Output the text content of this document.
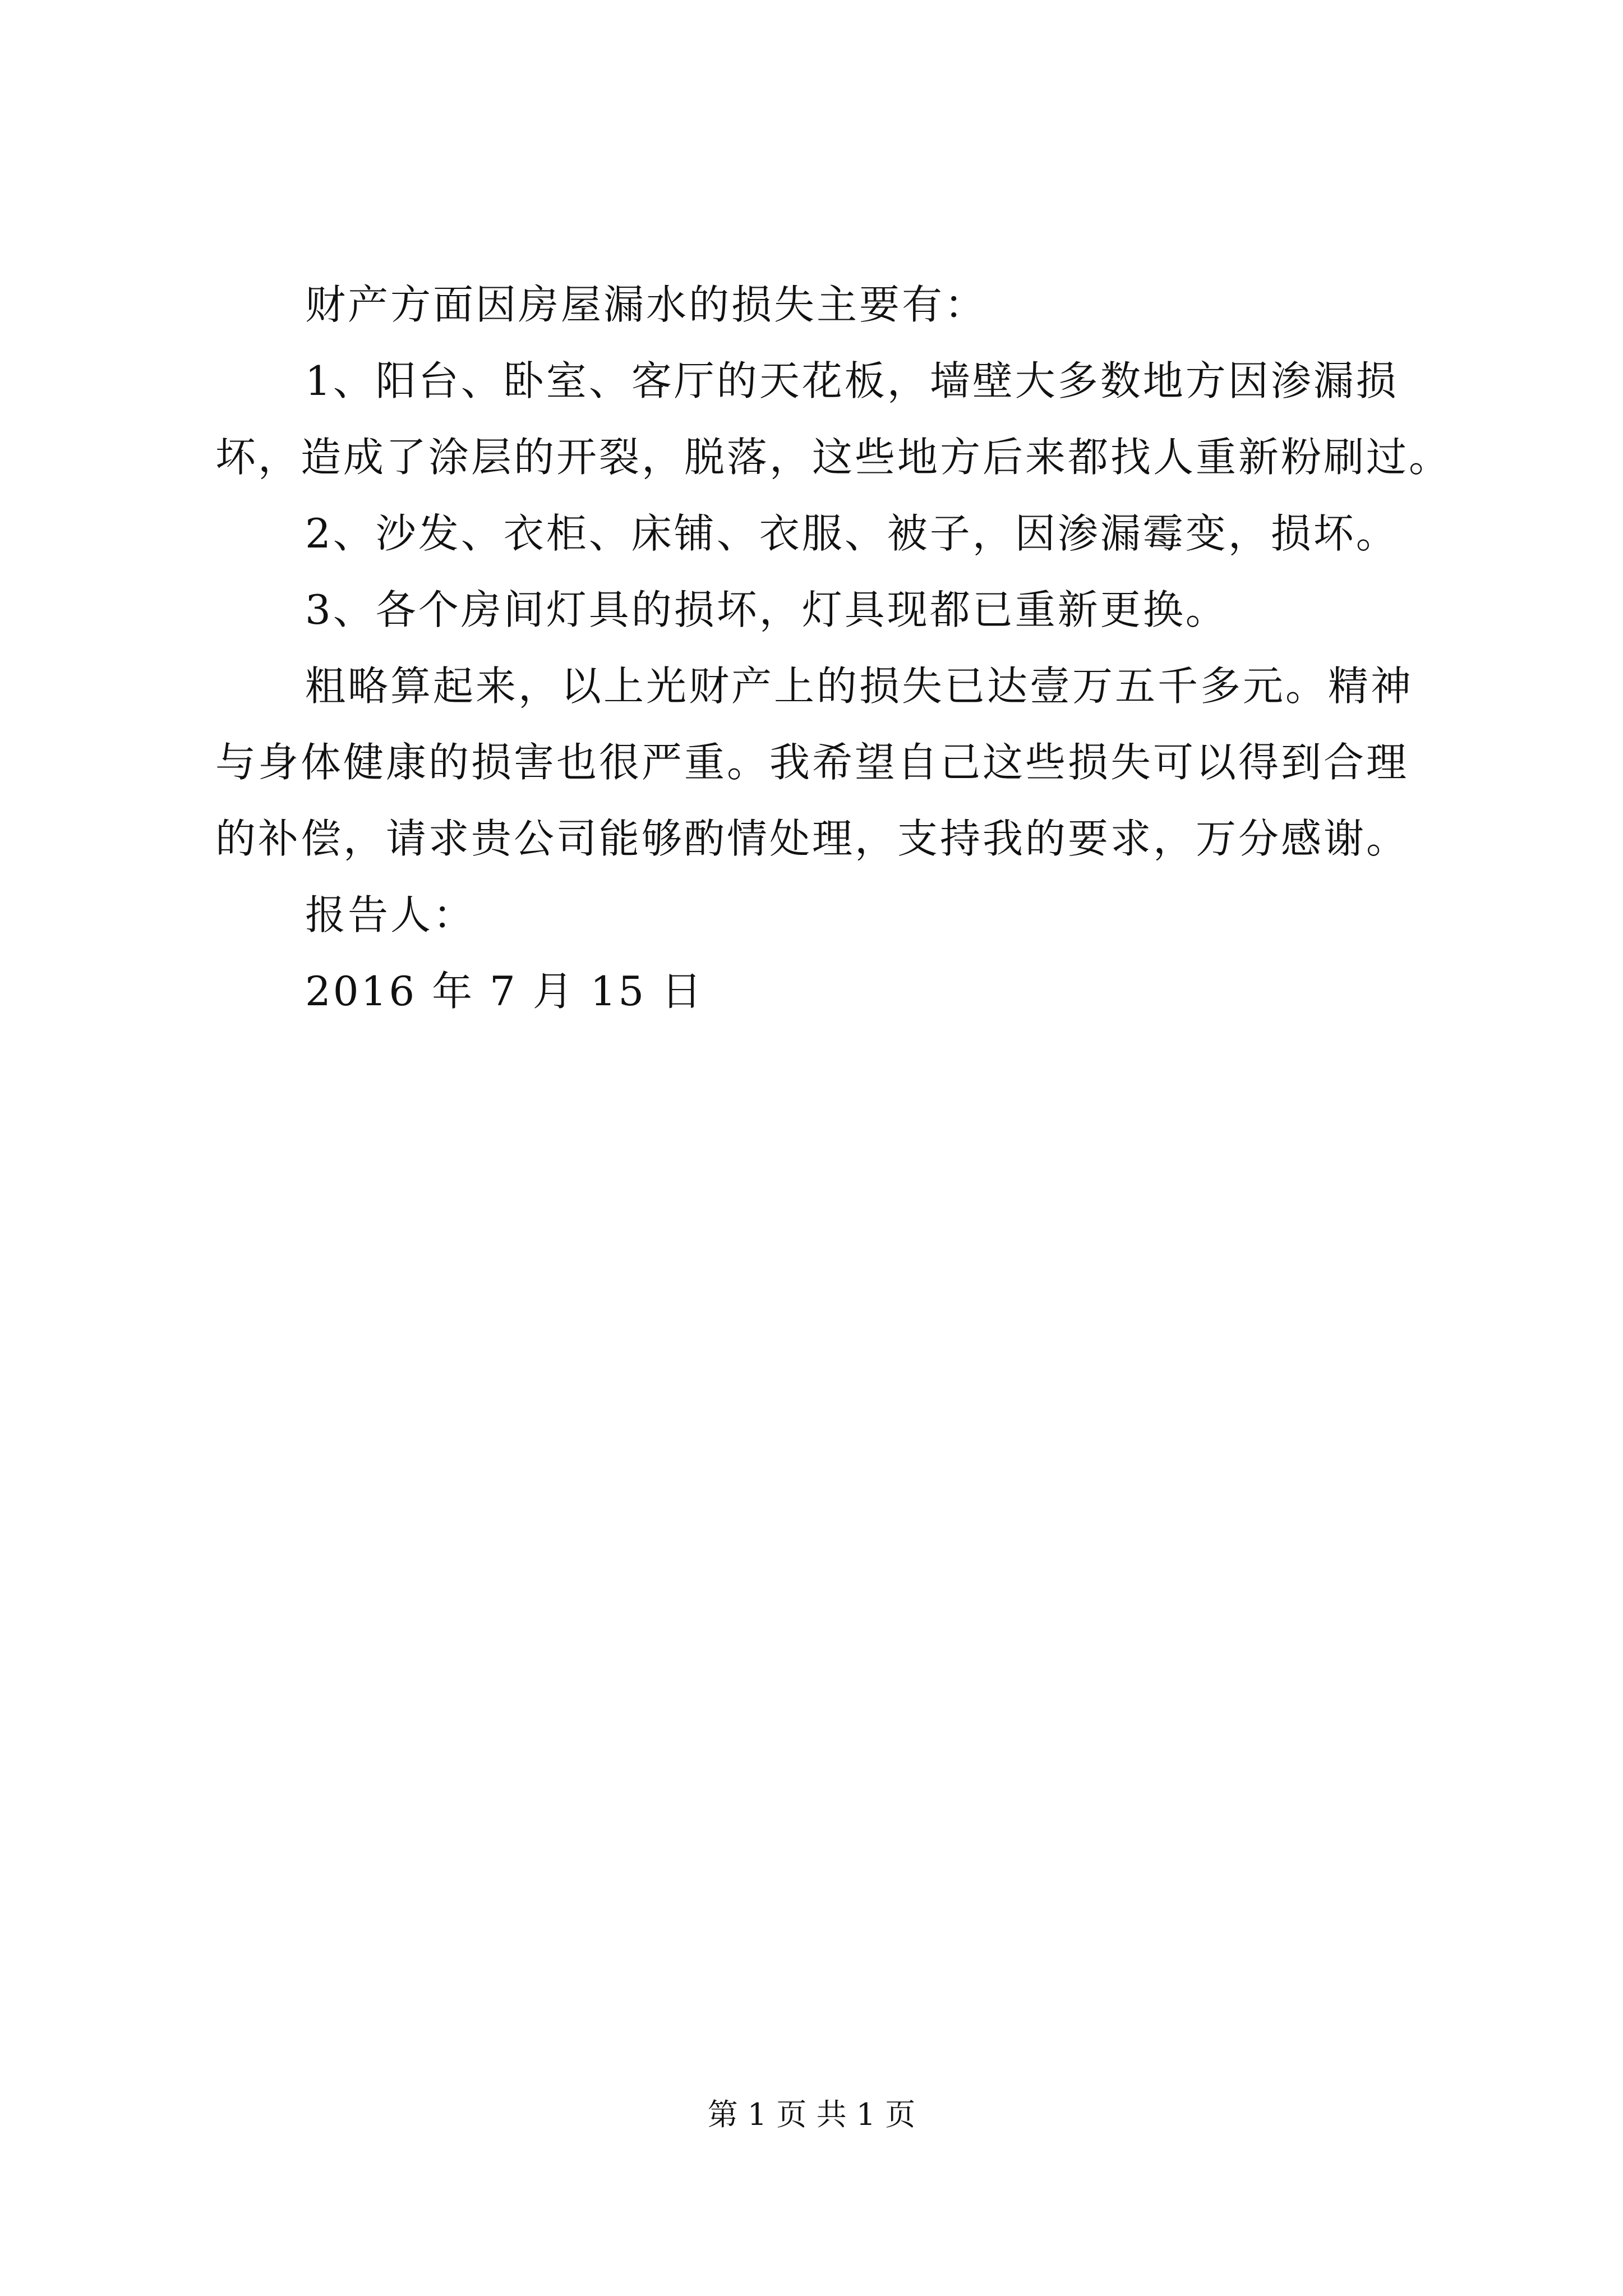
财产方面因房屋漏水的损失主要有：
1、阳台、卧室、客厅的天花板，墙壁大多数地方因渗漏损
坏，造成了涂层的开裂，脱落，这些地方后来都找人重新粉刷过。
2、沙发、衣柜、床铺、衣服、被子，因渗漏霉变，损坏。
3、各个房间灯具的损坏，灯具现都已重新更换。
粗略算起来，以上光财产上的损失已达壹万五千多元。精神
与身体健康的损害也很严重。我希望自己这些损失可以得到合理
的补偿，请求贵公司能够酌情处理，支持我的要求，万分感谢。
报告人：
2016 年 7 月 15 日
第 1 页 共 1 页
